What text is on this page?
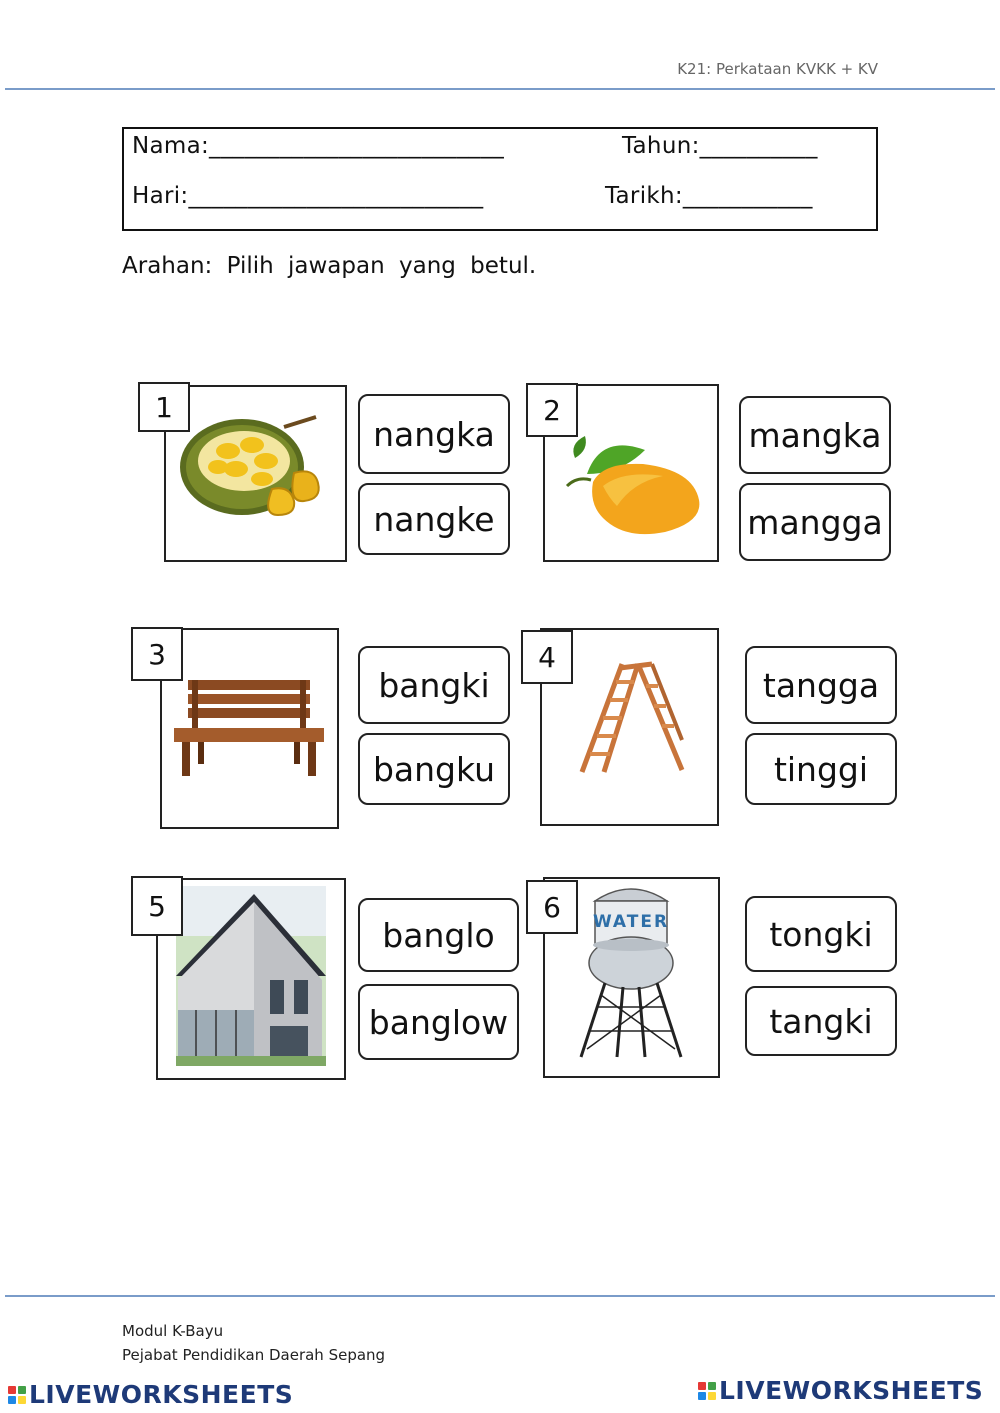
K21: Perkataan KVKK + KV
Nama:_________________________	Tahun:__________
Hari:_________________________	Tarikh:___________
Arahan: Pilih jawapan yang betul.
1
nangka
nangke
2
mangka
mangga
3
bangki
bangku
4
tangga
tinggi
5
banglo
banglow
WATER
6
tongki
tangki
Modul K-Bayu
Pejabat Pendidikan Daerah Sepang
LIVEWORKSHEETS	LIVEWORKSHEETS
